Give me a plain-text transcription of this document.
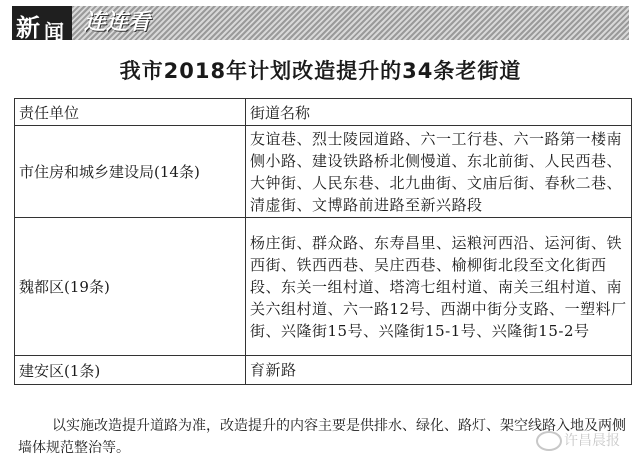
新 闻 连连看
我市2018年计划改造提升的34条老街道
责任单位	街道名称
市住房和城乡建设局(14条)	友谊巷、烈士陵园道路、六一工行巷、六一路第一楼南侧小路、建设铁路桥北侧慢道、东北前街、人民西巷、大钟街、人民东巷、北九曲街、文庙后街、春秋二巷、清虚街、文博路前进路至新兴路段
魏都区(19条)	杨庄街、群众路、东寿昌里、运粮河西沿、运河街、铁西街、铁西西巷、吴庄西巷、榆柳街北段至文化街西段、东关一组村道、塔湾七组村道、南关三组村道、南关六组村道、六一路12号、西湖中街分支路、一塑料厂街、兴隆街15号、兴隆街15-1号、兴隆街15-2号
建安区(1条)	育新路
以实施改造提升道路为准，改造提升的内容主要是供排水、绿化、路灯、架空线路入地及两侧墙体规范整治等。	许昌晨报
